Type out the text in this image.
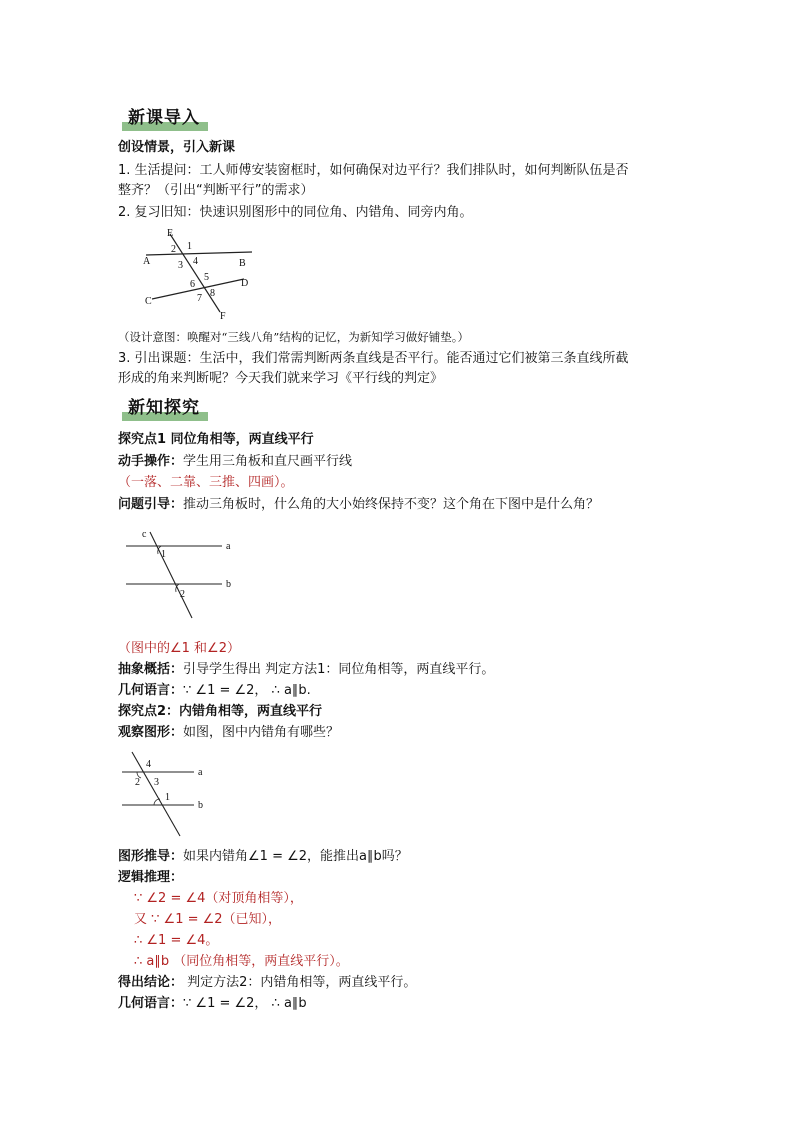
新课导入
创设情景，引入新课
1. 生活提问：工人师傅安装窗框时，如何确保对边平行？我们排队时，如何判断队伍是否
整齐？（引出“判断平行”的需求）
2. 复习旧知：快速识别图形中的同位角、内错角、同旁内角。
E
A	B
C
D
F
1
2
3 4
5
6
7 8
（设计意图：唤醒对“三线八角”结构的记忆，为新知学习做好铺垫。）
3. 引出课题：生活中，我们常需判断两条直线是否平行。能否通过它们被第三条直线所截
形成的角来判断呢？今天我们就来学习《平行线的判定》
新知探究
探究点1 同位角相等，两直线平行
动手操作：学生用三角板和直尺画平行线
（一落、二靠、三推、四画）。
问题引导：推动三角板时，什么角的大小始终保持不变？这个角在下图中是什么角？
c
a
b
1
2
（图中的∠1 和∠2）
抽象概括：引导学生得出 判定方法1：同位角相等，两直线平行。
几何语言：∵ ∠1 = ∠2， ∴ a∥b.
探究点2：内错角相等，两直线平行
观察图形：如图，图中内错角有哪些？
4
2 3
1
a
b
图形推导：如果内错角∠1 = ∠2，能推出a∥b吗？
逻辑推理：
∵ ∠2 = ∠4（对顶角相等），
又 ∵ ∠1 = ∠2（已知），
∴ ∠1 = ∠4。
∴ a∥b （同位角相等，两直线平行）。
得出结论： 判定方法2：内错角相等，两直线平行。
几何语言：∵ ∠1 = ∠2， ∴ a∥b
